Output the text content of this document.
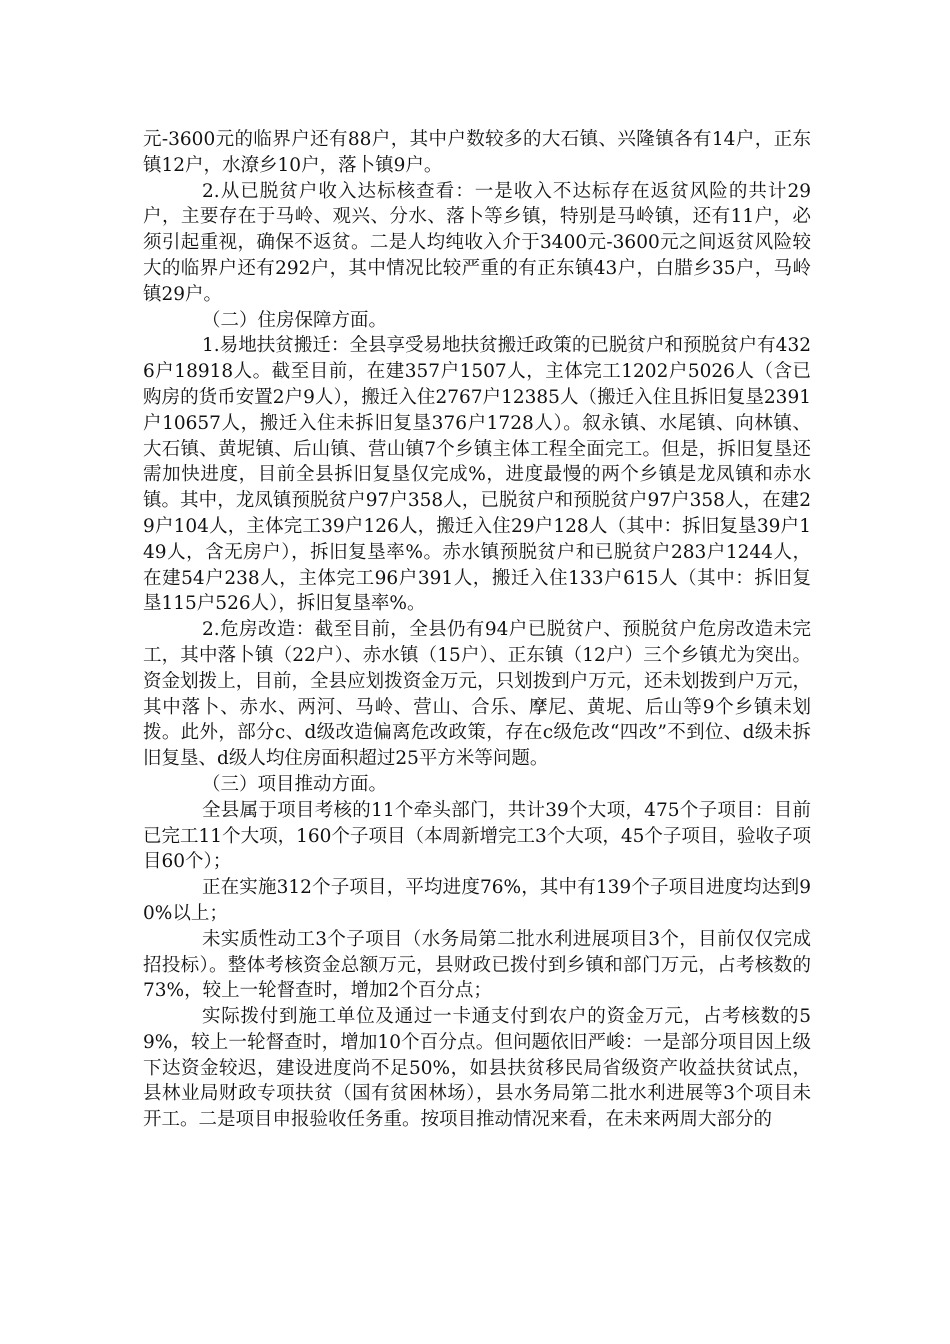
元-3600元的临界户还有88户，其中户数较多的大石镇、兴隆镇各有14户，正东镇12户，水潦乡10户，落卜镇9户。

2.从已脱贫户收入达标核查看：一是收入不达标存在返贫风险的共计29户，主要存在于马岭、观兴、分水、落卜等乡镇，特别是马岭镇，还有11户，必须引起重视，确保不返贫。二是人均纯收入介于3400元-3600元之间返贫风险较大的临界户还有292户，其中情况比较严重的有正东镇43户，白腊乡35户，马岭镇29户。

（二）住房保障方面。

1.易地扶贫搬迁：全县享受易地扶贫搬迁政策的已脱贫户和预脱贫户有4326户18918人。截至目前，在建357户1507人，主体完工1202户5026人（含已购房的货币安置2户9人），搬迁入住2767户12385人（搬迁入住且拆旧复垦2391户10657人，搬迁入住未拆旧复垦376户1728人）。叙永镇、水尾镇、向林镇、大石镇、黄坭镇、后山镇、营山镇7个乡镇主体工程全面完工。但是，拆旧复垦还需加快进度，目前全县拆旧复垦仅完成%，进度最慢的两个乡镇是龙凤镇和赤水镇。其中，龙凤镇预脱贫户97户358人，已脱贫户和预脱贫户97户358人，在建29户104人，主体完工39户126人，搬迁入住29户128人（其中：拆旧复垦39户149人，含无房户），拆旧复垦率%。赤水镇预脱贫户和已脱贫户283户1244人，在建54户238人，主体完工96户391人，搬迁入住133户615人（其中：拆旧复垦115户526人），拆旧复垦率%。

2.危房改造：截至目前，全县仍有94户已脱贫户、预脱贫户危房改造未完工，其中落卜镇（22户）、赤水镇（15户）、正东镇（12户）三个乡镇尤为突出。资金划拨上，目前，全县应划拨资金万元，只划拨到户万元，还未划拨到户万元，其中落卜、赤水、两河、马岭、营山、合乐、摩尼、黄坭、后山等9个乡镇未划拨。此外，部分c、d级改造偏离危改政策，存在c级危改“四改”不到位、d级未拆旧复垦、d级人均住房面积超过25平方米等问题。

（三）项目推动方面。

全县属于项目考核的11个牵头部门，共计39个大项，475个子项目：目前已完工11个大项，160个子项目（本周新增完工3个大项，45个子项目，验收子项目60个）；

正在实施312个子项目，平均进度76%，其中有139个子项目进度均达到90%以上；

未实质性动工3个子项目（水务局第二批水利进展项目3个，目前仅仅完成招投标）。整体考核资金总额万元，县财政已拨付到乡镇和部门万元，占考核数的73%，较上一轮督查时，增加2个百分点；

实际拨付到施工单位及通过一卡通支付到农户的资金万元，占考核数的59%，较上一轮督查时，增加10个百分点。但问题依旧严峻：一是部分项目因上级下达资金较迟，建设进度尚不足50%，如县扶贫移民局省级资产收益扶贫试点，县林业局财政专项扶贫（国有贫困林场），县水务局第二批水利进展等3个项目未开工。二是项目申报验收任务重。按项目推动情况来看，在未来两周大部分的
